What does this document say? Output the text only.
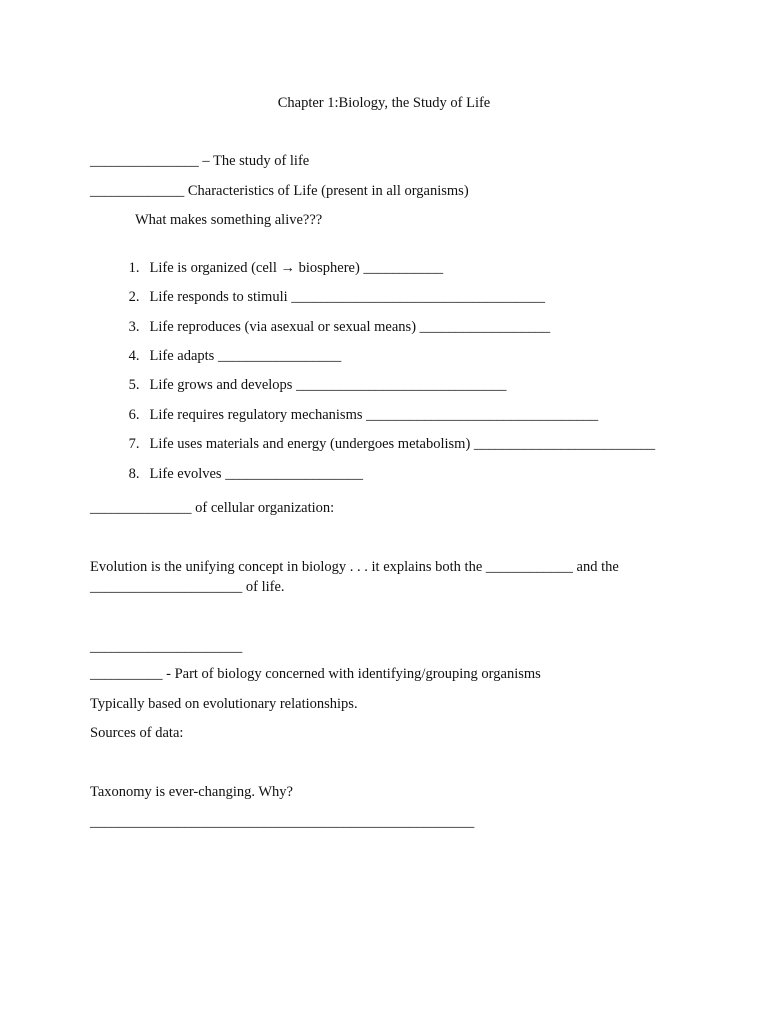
Chapter 1:Biology, the Study of Life
_______________ – The study of life
_____________ Characteristics of Life (present in all organisms)
What makes something alive???

1. Life is organized (cell → biosphere) ___________

2. Life responds to stimuli ___________________________________

3. Life reproduces (via asexual or sexual means) __________________

4. Life adapts _________________

5. Life grows and develops _____________________________

6. Life requires regulatory mechanisms ________________________________

7. Life uses materials and energy (undergoes metabolism) _________________________

8. Life evolves ___________________

______________ of cellular organization:
Evolution is the unifying concept in biology . . . it explains both the ____________ and the
_____________________ of life.
_____________________
__________ - Part of biology concerned with identifying/grouping organisms
Typically based on evolutionary relationships.
Sources of data:
Taxonomy is ever-changing. Why?
_____________________________________________________
